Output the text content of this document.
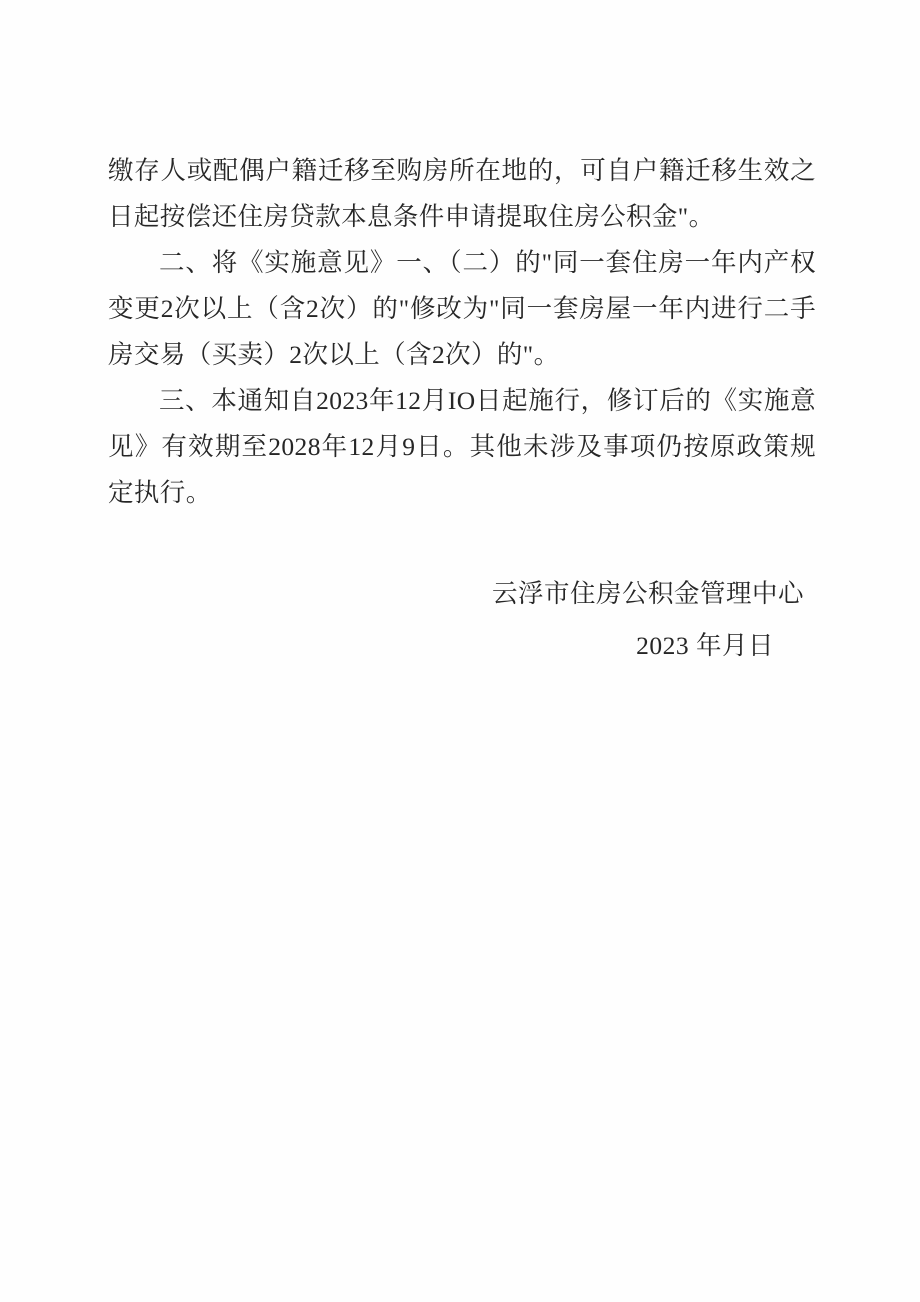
缴存人或配偶户籍迁移至购房所在地的，可自户籍迁移生效之日起按偿还住房贷款本息条件申请提取住房公积金"。

二、将《实施意见》一、（二）的"同一套住房一年内产权变更2次以上（含2次）的"修改为"同一套房屋一年内进行二手房交易（买卖）2次以上（含2次）的"。

三、本通知自2023年12月IO日起施行，修订后的《实施意见》有效期至2028年12月9日。其他未涉及事项仍按原政策规定执行。

云浮市住房公积金管理中心
2023 年月日
